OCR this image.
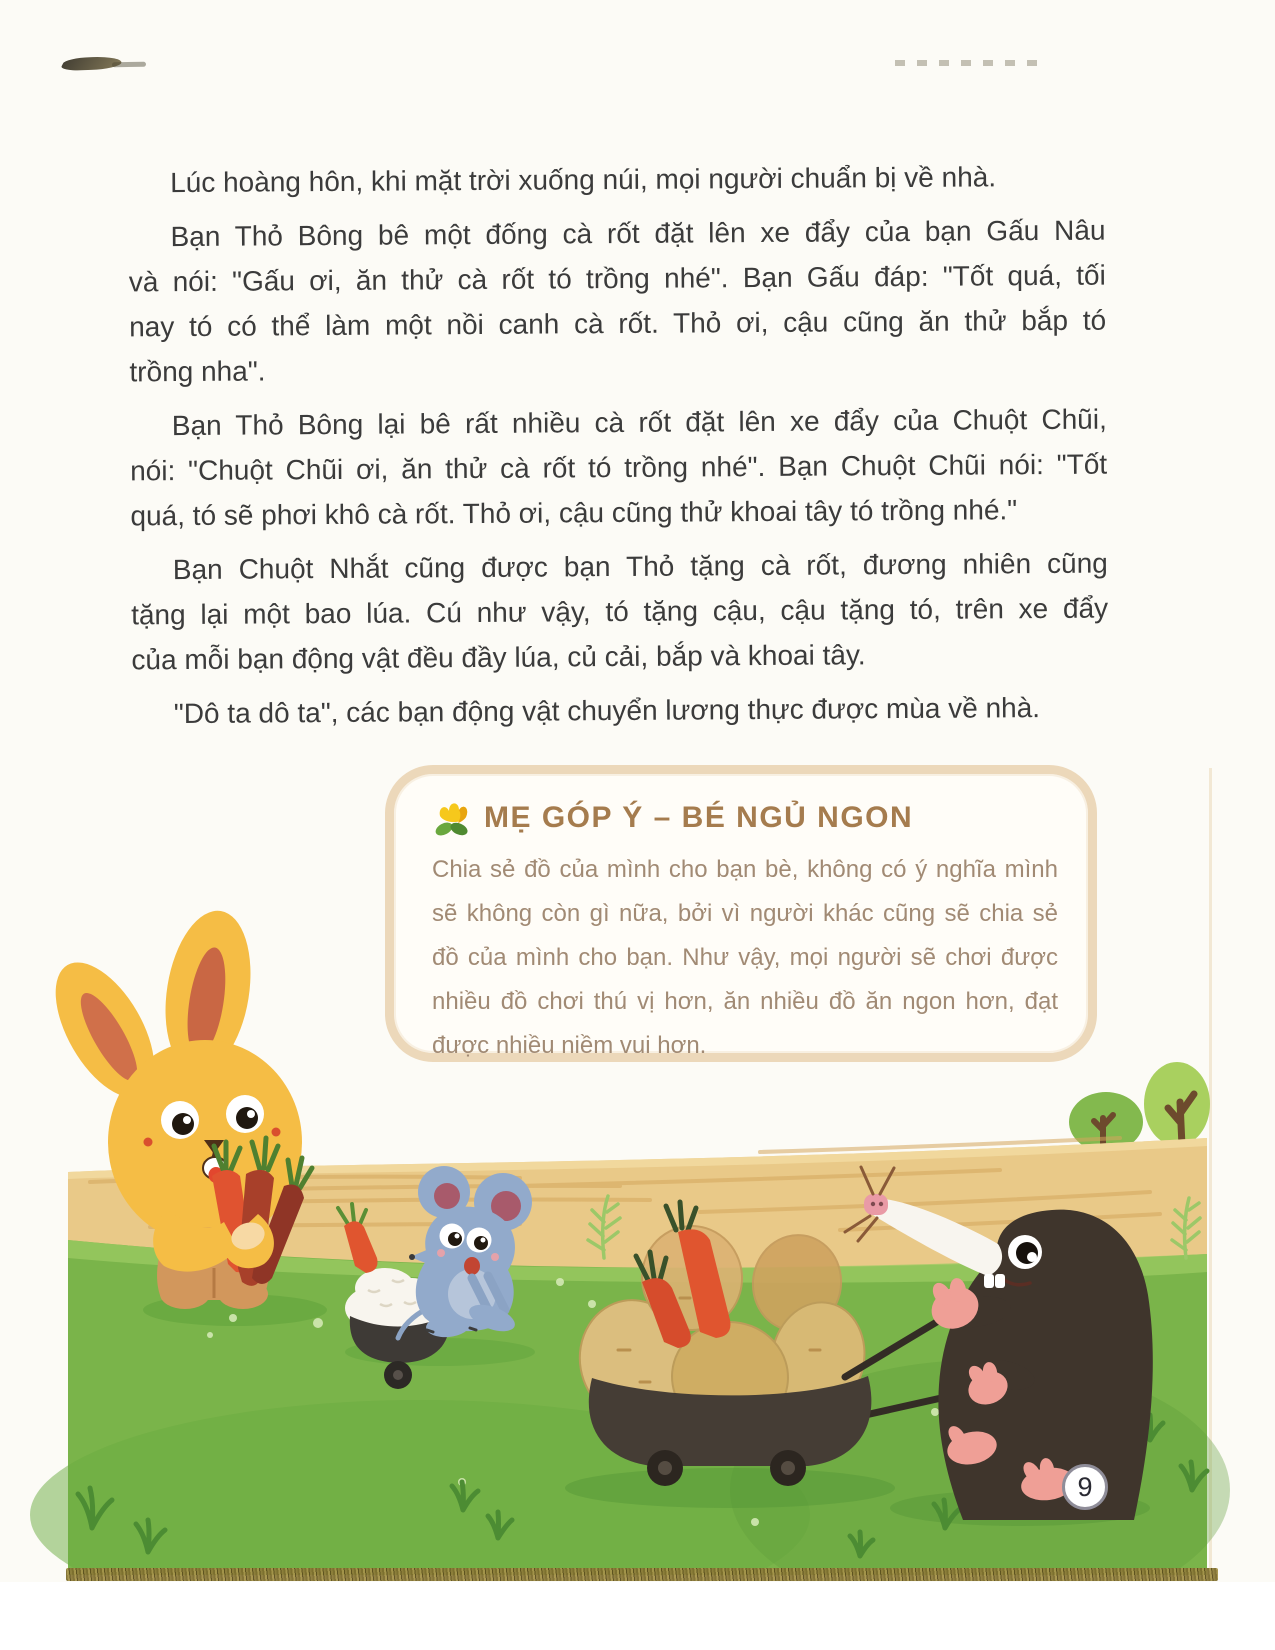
Lúc hoàng hôn, khi mặt trời xuống núi, mọi người chuẩn bị về nhà.
Bạn Thỏ Bông bê một đống cà rốt đặt lên xe đẩy của bạn Gấu Nâu
và nói: "Gấu ơi, ăn thử cà rốt tó trồng nhé". Bạn Gấu đáp: "Tốt quá, tối
nay tó có thể làm một nồi canh cà rốt. Thỏ ơi, cậu cũng ăn thử bắp tó
trồng nha".
Bạn Thỏ Bông lại bê rất nhiều cà rốt đặt lên xe đẩy của Chuột Chũi,
nói: "Chuột Chũi ơi, ăn thử cà rốt tó trồng nhé". Bạn Chuột Chũi nói: "Tốt
quá, tó sẽ phơi khô cà rốt. Thỏ ơi, cậu cũng thử khoai tây tó trồng nhé."
Bạn Chuột Nhắt cũng được bạn Thỏ tặng cà rốt, đương nhiên cũng
tặng lại một bao lúa. Cú như vậy, tó tặng cậu, cậu tặng tó, trên xe đẩy
của mỗi bạn động vật đều đầy lúa, củ cải, bắp và khoai tây.
"Dô ta dô ta", các bạn động vật chuyển lương thực được mùa về nhà.
MẸ GÓP Ý – BÉ NGỦ NGON
Chia sẻ đồ của mình cho bạn bè, không có ý nghĩa mình
sẽ không còn gì nữa, bởi vì người khác cũng sẽ chia sẻ
đồ của mình cho bạn. Như vậy, mọi người sẽ chơi được
nhiều đồ chơi thú vị hơn, ăn nhiều đồ ăn ngon hơn, đạt
được nhiều niềm vui hơn.
9
